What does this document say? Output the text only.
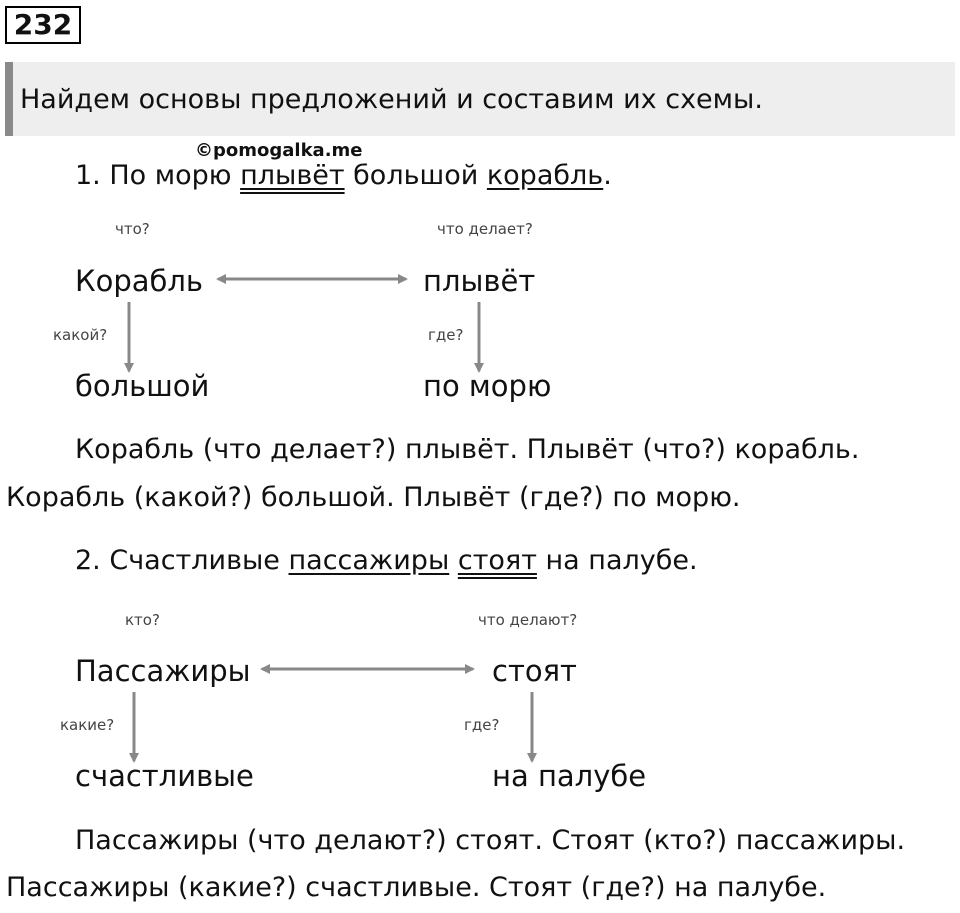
232
Найдем основы предложений и составим их схемы.
©pomogalka.me
1. По морю плывёт большой корабль.
что?	что делает?
Корабль	плывёт
какой?	где?
большой	по морю
Корабль (что делает?) плывёт. Плывёт (что?) корабль.
Корабль (какой?) большой. Плывёт (где?) по морю.
2. Счастливые пассажиры стоят на палубе.
кто?	что делают?
Пассажиры	стоят
какие?	где?
счастливые	на палубе
Пассажиры (что делают?) стоят. Стоят (кто?) пассажиры.
Пассажиры (какие?) счастливые. Стоят (где?) на палубе.
